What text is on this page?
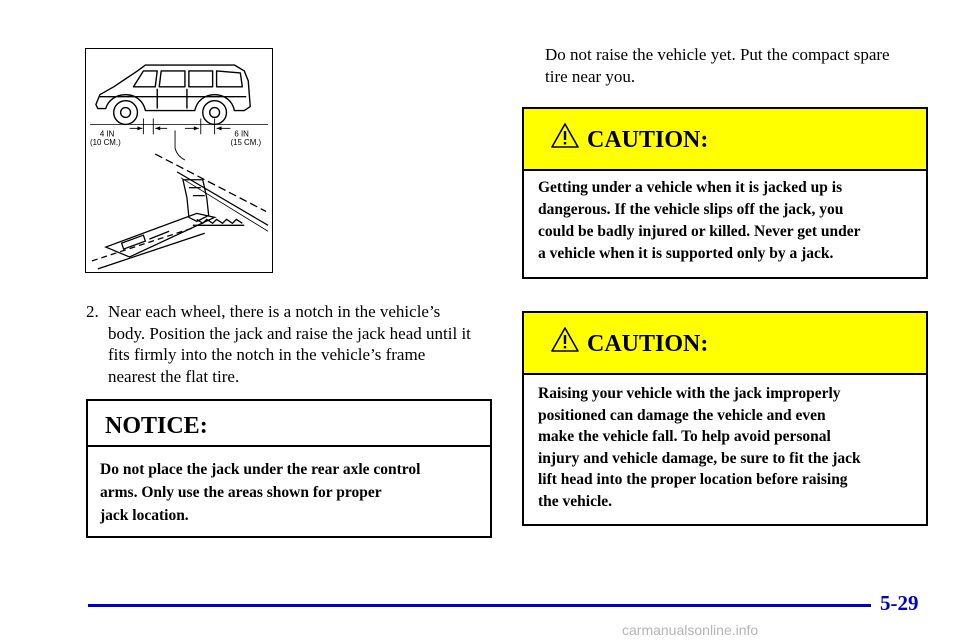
4 IN
(10 CM.)
6 IN
(15 CM.)
2. Near each wheel, there is a notch in the vehicle’s
body. Position the jack and raise the jack head until it
fits firmly into the notch in the vehicle’s frame
nearest the flat tire.
NOTICE:
Do not place the jack under the rear axle control
arms. Only use the areas shown for proper
jack location.
Do not raise the vehicle yet. Put the compact spare
tire near you.
CAUTION:
Getting under a vehicle when it is jacked up is
dangerous. If the vehicle slips off the jack, you
could be badly injured or killed. Never get under
a vehicle when it is supported only by a jack.
CAUTION:
Raising your vehicle with the jack improperly
positioned can damage the vehicle and even
make the vehicle fall. To help avoid personal
injury and vehicle damage, be sure to fit the jack
lift head into the proper location before raising
the vehicle.
5-29
carmanualsonline.info
